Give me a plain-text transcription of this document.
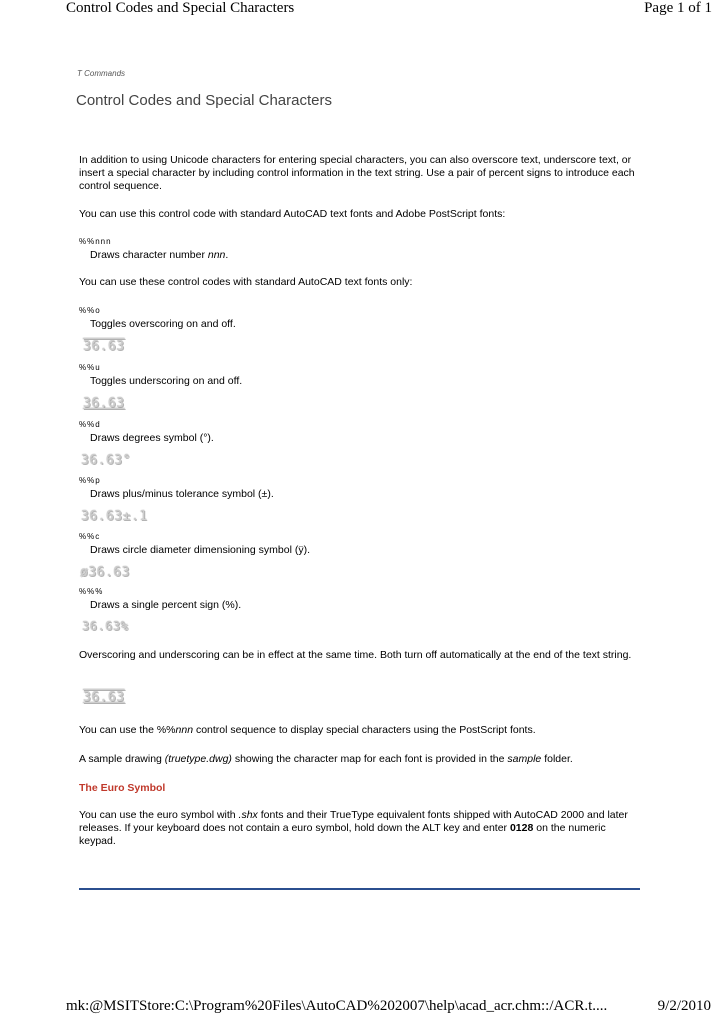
Control Codes and Special Characters	Page 1 of 1
T Commands
Control Codes and Special Characters
In addition to using Unicode characters for entering special characters, you can also overscore text, underscore text, or insert a special character by including control information in the text string. Use a pair of percent signs to introduce each control sequence.
You can use this control code with standard AutoCAD text fonts and Adobe PostScript fonts:
%%nnn
Draws character number nnn.
You can use these control codes with standard AutoCAD text fonts only:
%%o
Toggles overscoring on and off.
36.63
%%u
Toggles underscoring on and off.
36.63
%%d
Draws degrees symbol (°).
36.63°
%%p
Draws plus/minus tolerance symbol (±).
36.63±.1
%%c
Draws circle diameter dimensioning symbol (ÿ).
ø36.63
%%%
Draws a single percent sign (%).
36.63%
Overscoring and underscoring can be in effect at the same time. Both turn off automatically at the end of the text string.
36.63
You can use the %%nnn control sequence to display special characters using the PostScript fonts.
A sample drawing (truetype.dwg) showing the character map for each font is provided in the sample folder.
The Euro Symbol
You can use the euro symbol with .shx fonts and their TrueType equivalent fonts shipped with AutoCAD 2000 and later releases. If your keyboard does not contain a euro symbol, hold down the ALT key and enter 0128 on the numeric keypad.
mk:@MSITStore:C:\Program%20Files\AutoCAD%202007\help\acad_acr.chm::/ACR.t....	9/2/2010
